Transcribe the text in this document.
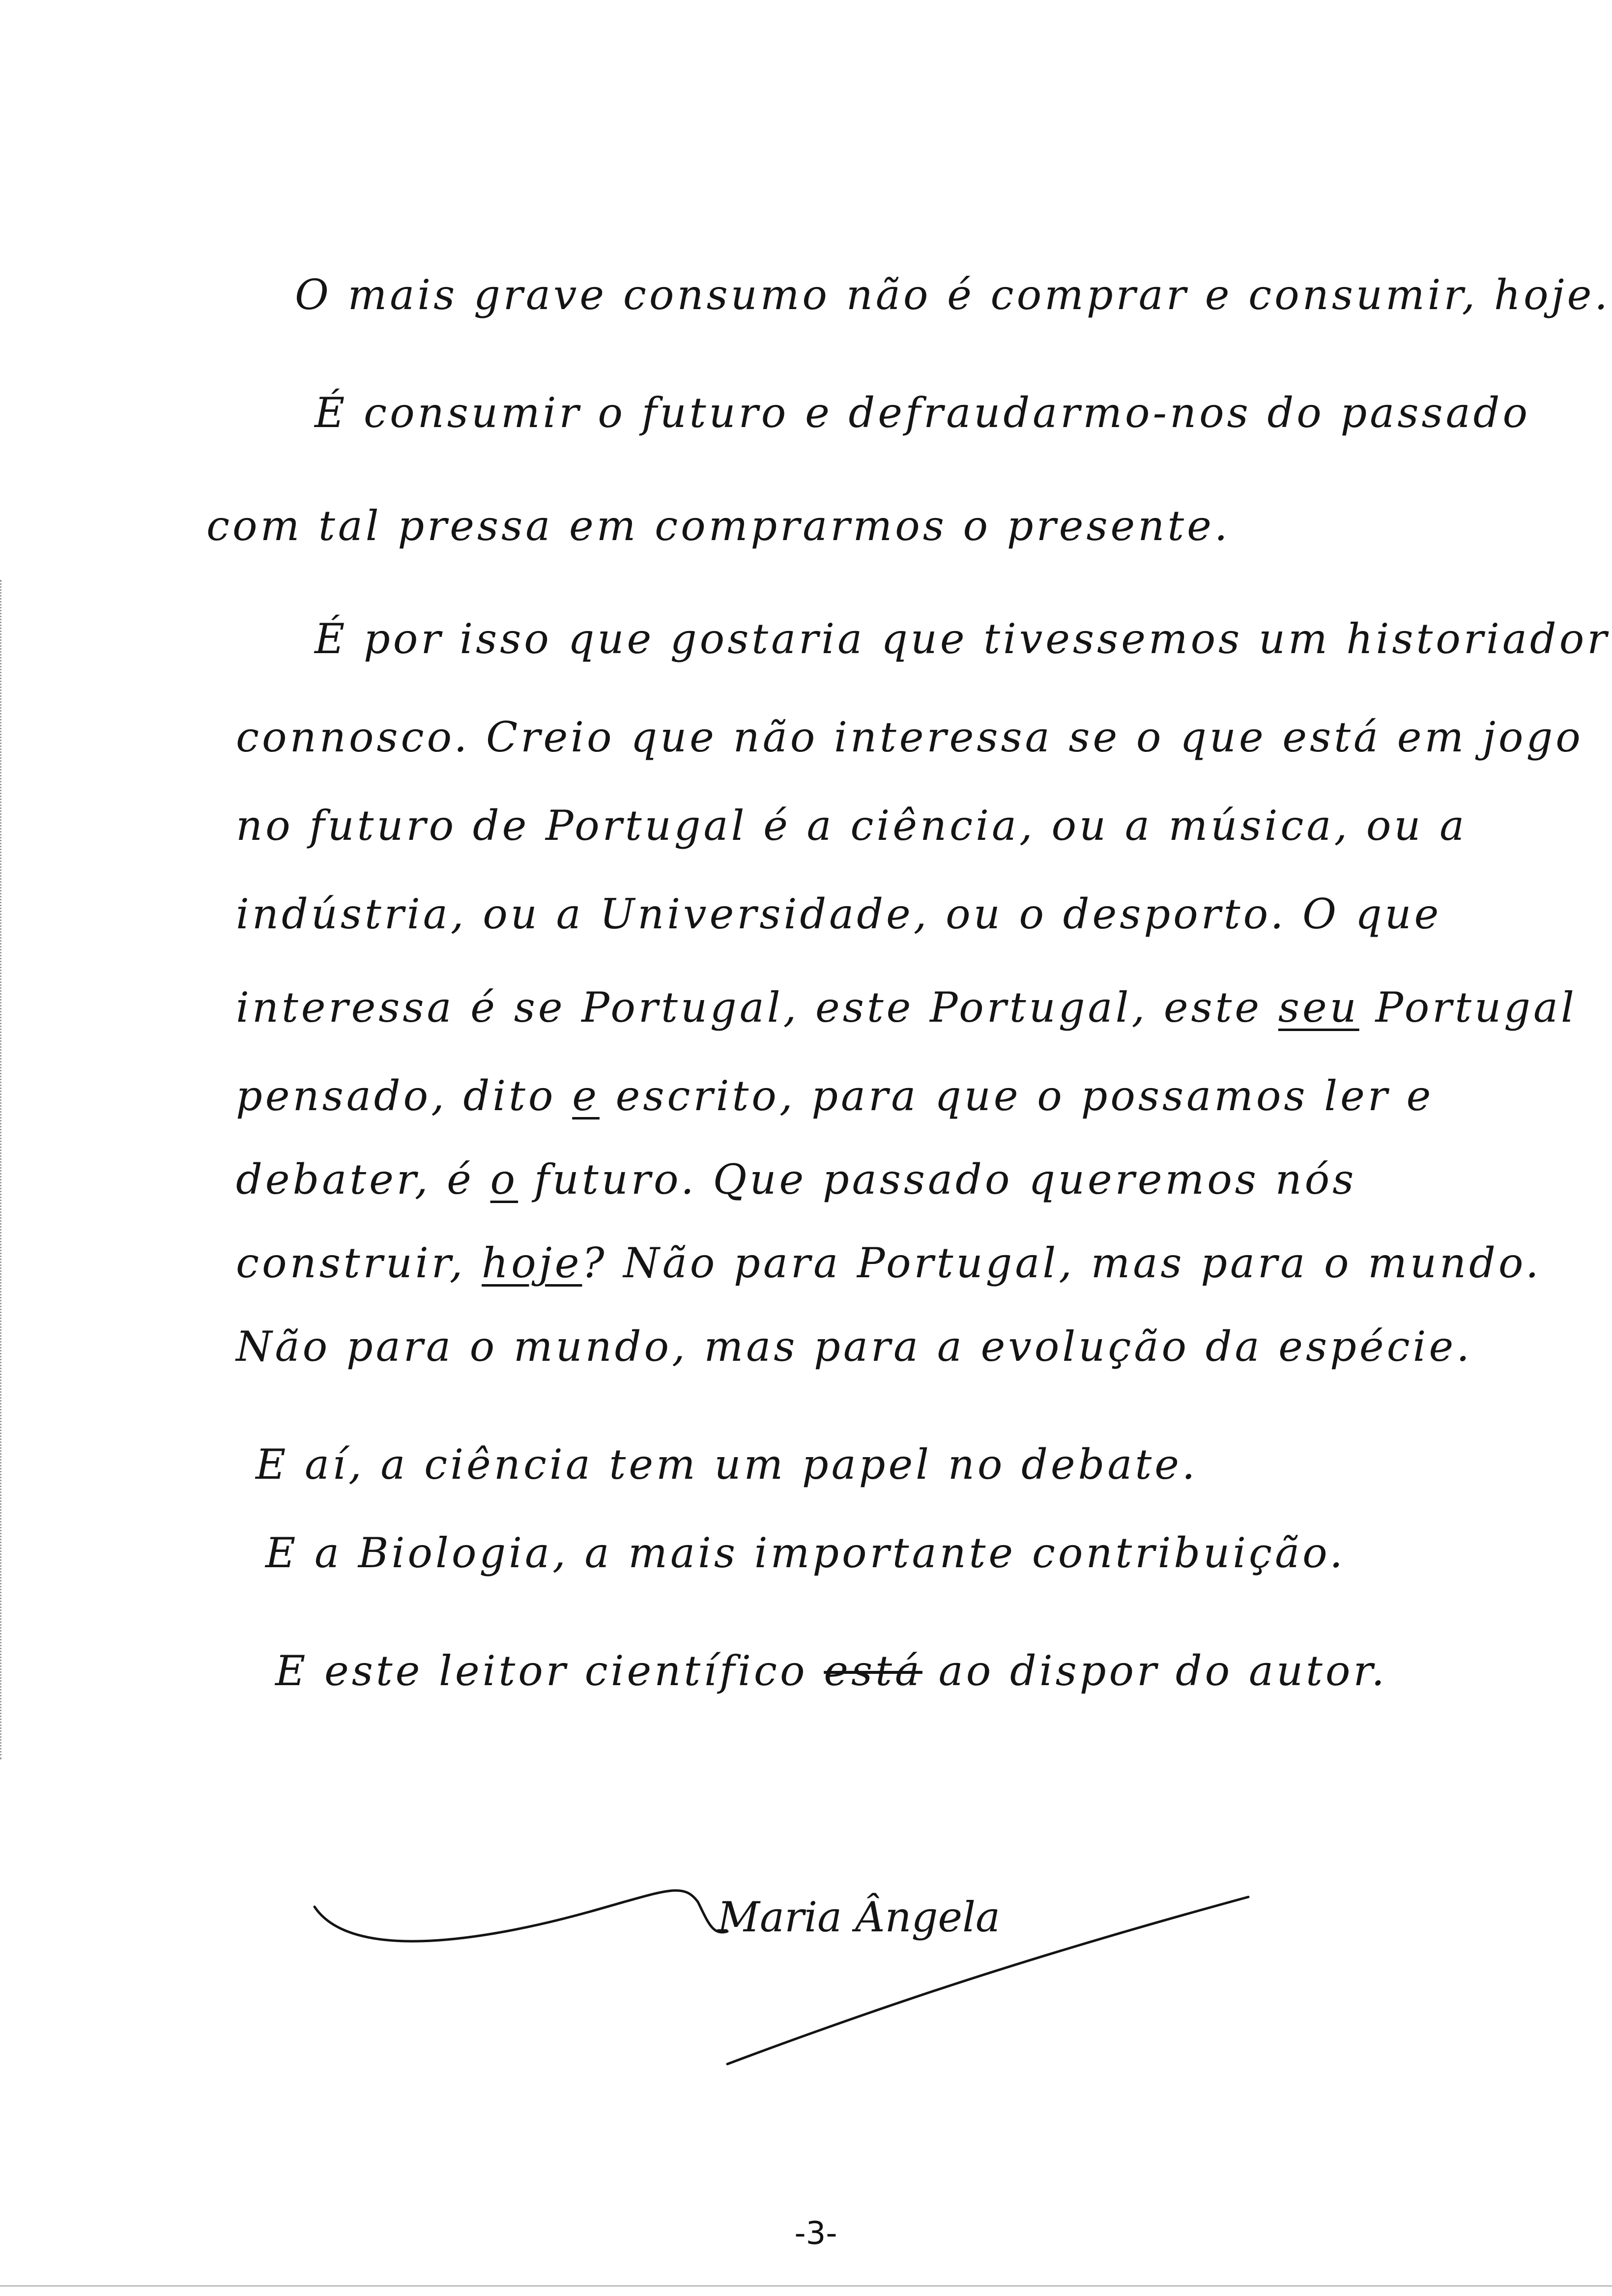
O mais grave consumo não é comprar e consumir, hoje.
É consumir o futuro e defraudarmo-nos do passado
com tal pressa em comprarmos o presente.
É por isso que gostaria que tivessemos um historiador
connosco. Creio que não interessa se o que está em jogo
no futuro de Portugal é a ciência, ou a música, ou a
indústria, ou a Universidade, ou o desporto. O que
interessa é se Portugal, este Portugal, este seu Portugal
pensado, dito e escrito, para que o possamos ler e
debater, é o futuro. Que passado queremos nós
construir, hoje? Não para Portugal, mas para o mundo.
Não para o mundo, mas para a evolução da espécie.
E aí, a ciência tem um papel no debate.
E a Biologia, a mais importante contribuição.
E este leitor científico está ao dispor do autor.
Maria Ângela
-3-
